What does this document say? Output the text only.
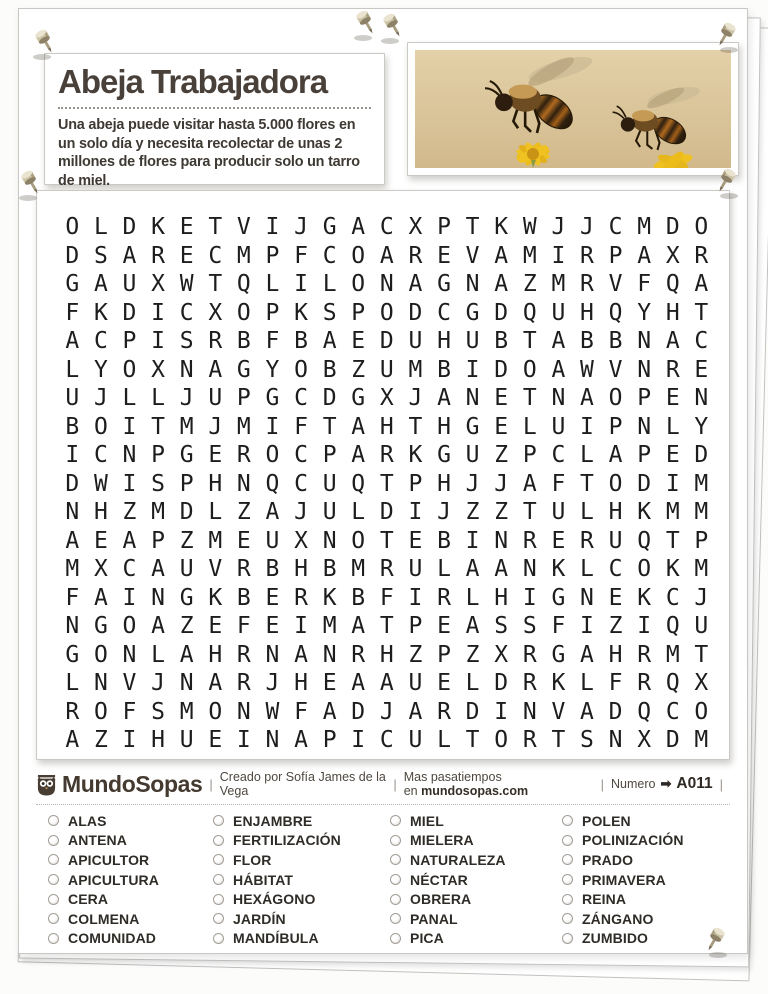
Abeja Trabajadora

Una abeja puede visitar hasta 5.000 flores en un solo día y necesita recolectar de unas 2 millones de flores para producir solo un tarro de miel.

O L D K E T V I J G A C X P T K W J J C M D O
D S A R E C M P F C O A R E V A M I R P A X R
G A U X W T Q L I L O N A G N A Z M R V F Q A
F K D I C X O P K S P O D C G D Q U H Q Y H T
A C P I S R B F B A E D U H U B T A B B N A C
L Y O X N A G Y O B Z U M B I D O A W V N R E
U J L L J U P G C D G X J A N E T N A O P E N
B O I T M J M I F T A H T H G E L U I P N L Y
I C N P G E R O C P A R K G U Z P C L A P E D
D W I S P H N Q C U Q T P H J J A F T O D I M
N H Z M D L Z A J U L D I J Z Z T U L H K M M
A E A P Z M E U X N O T E B I N R E R U Q T P
M X C A U V R B H B M R U L A A N K L C O K M
F A I N G K B E R K B F I R L H I G N E K C J
N G O A Z E F E I M A T P E A S S F I Z I Q U
G O N L A H R N A N R H Z P Z X R G A H R M T
L N V J N A R J H E A A U E L D R K L F R Q X
R O F S M O N W F A D J A R D I N V A D Q C O
A Z I H U E I N A P I C U L T O R T S N X D M
MundoSopas | Creado por Sofía James de la Vega	| Mas pasatiempos en mundosopas.com	| Numero ➡ A011 |
ALAS
ANTENA
APICULTOR
APICULTURA
CERA
COLMENA
COMUNIDAD
ENJAMBRE
FERTILIZACIÓN
FLOR
HÁBITAT
HEXÁGONO
JARDÍN
MANDÍBULA
MIEL
MIELERA
NATURALEZA
NÉCTAR
OBRERA
PANAL
PICA
POLEN
POLINIZACIÓN
PRADO
PRIMAVERA
REINA
ZÁNGANO
ZUMBIDO
